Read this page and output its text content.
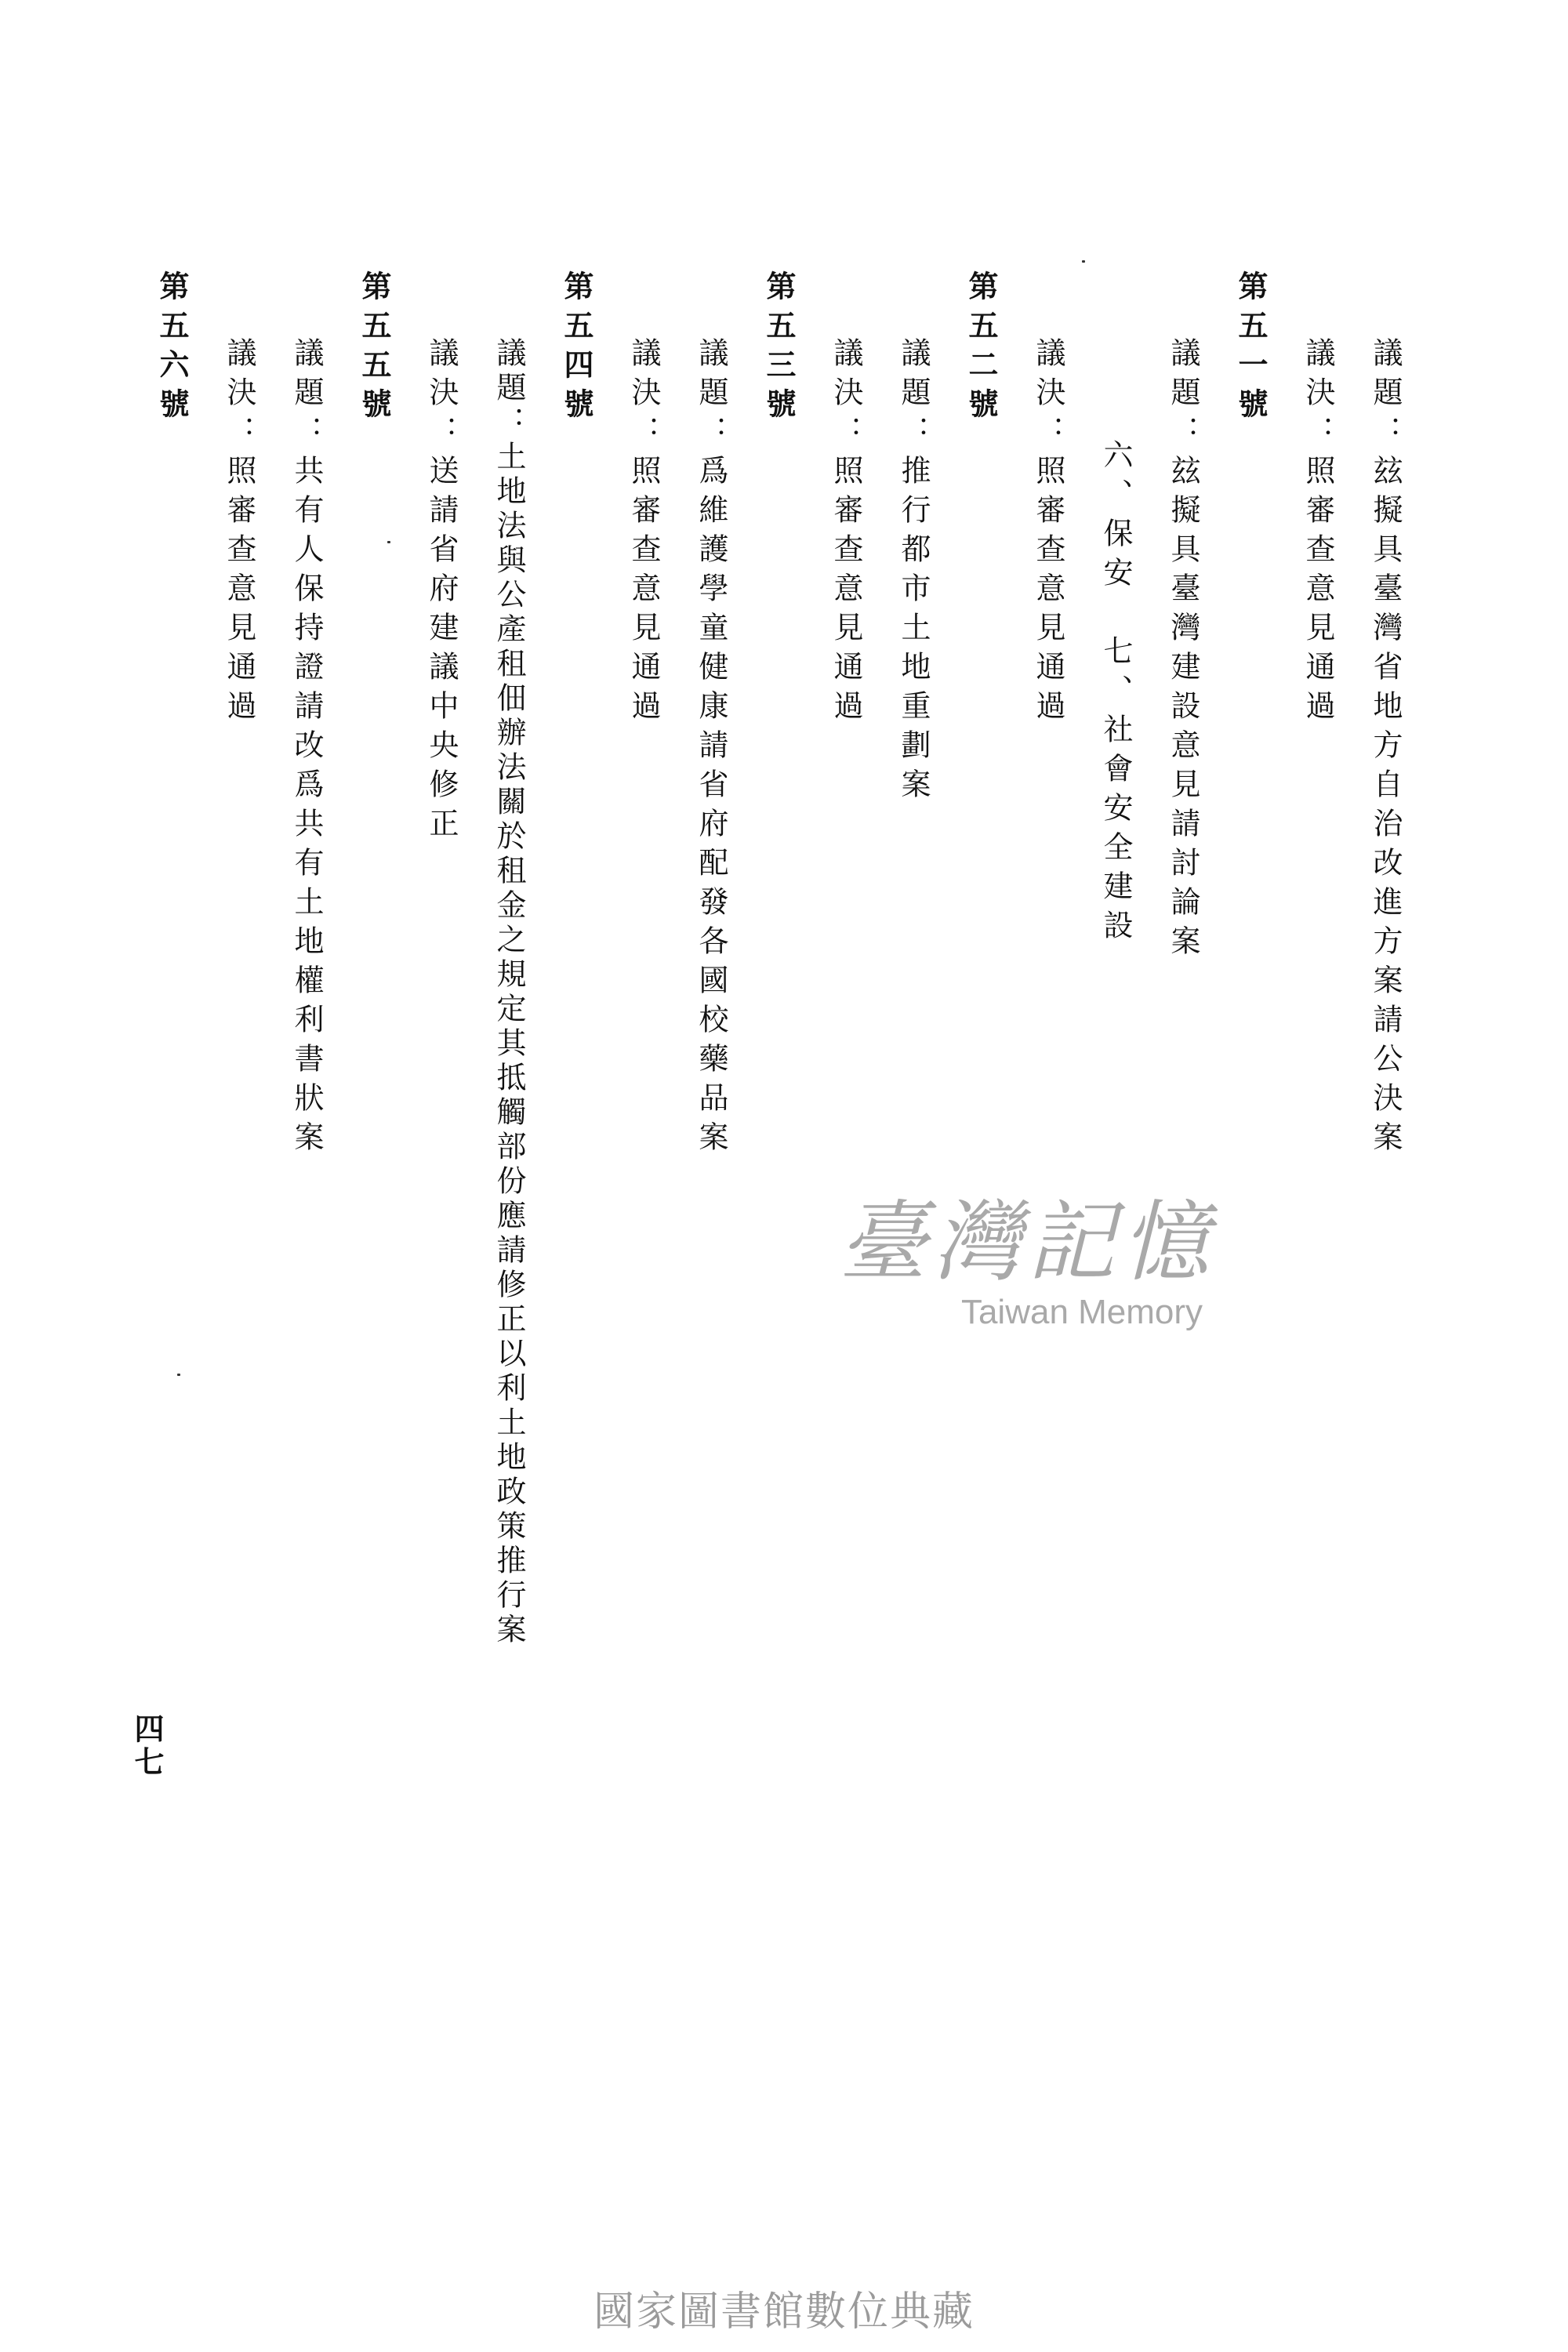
議題：玆擬具臺灣省地方自治改進方案請公決案
議決：照審查意見通過
第五一號
議題：玆擬具臺灣建設意見請討論案
六、保安　七、社會安全建設
議決：照審查意見通過
第五二號
議題：推行都市土地重劃案
議決：照審查意見通過
第五三號
議題：爲維護學童健康請省府配發各國校藥品案
議決：照審查意見通過
第五四號
議題：土地法與公產租佃辦法關於租金之規定其抵觸部份應請修正以利土地政策推行案
議決：送請省府建議中央修正
第五五號
議題：共有人保持證請改爲共有土地權利書狀案
議決：照審查意見通過
第五六號
四七
臺灣記憶
Taiwan Memory
國家圖書館數位典藏
